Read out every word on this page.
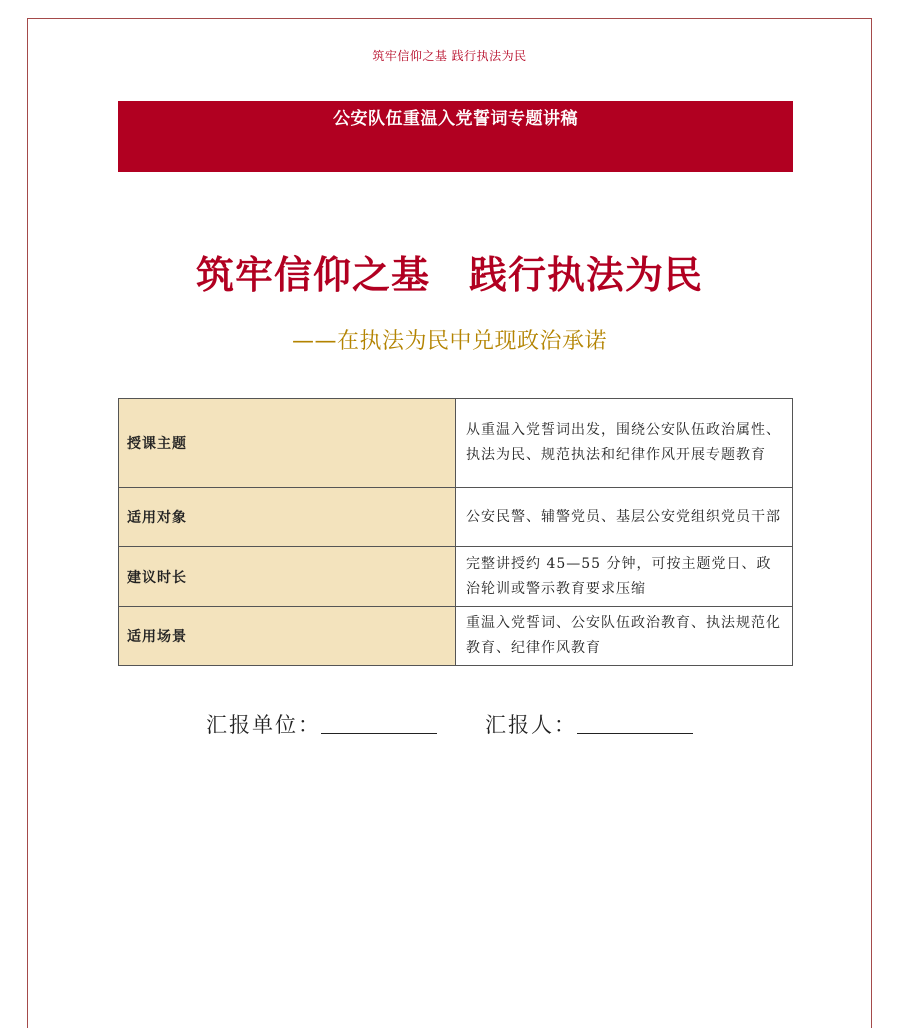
筑牢信仰之基 践行执法为民
公安队伍重温入党誓词专题讲稿
筑牢信仰之基　践行执法为民
——在执法为民中兑现政治承诺
授课主题	从重温入党誓词出发，围绕公安队伍政治属性、执法为民、规范执法和纪律作风开展专题教育
适用对象	公安民警、辅警党员、基层公安党组织党员干部
建议时长	完整讲授约 45—55 分钟，可按主题党日、政治轮训或警示教育要求压缩
适用场景	重温入党誓词、公安队伍政治教育、执法规范化教育、纪律作风教育
汇报单位：	汇报人：
